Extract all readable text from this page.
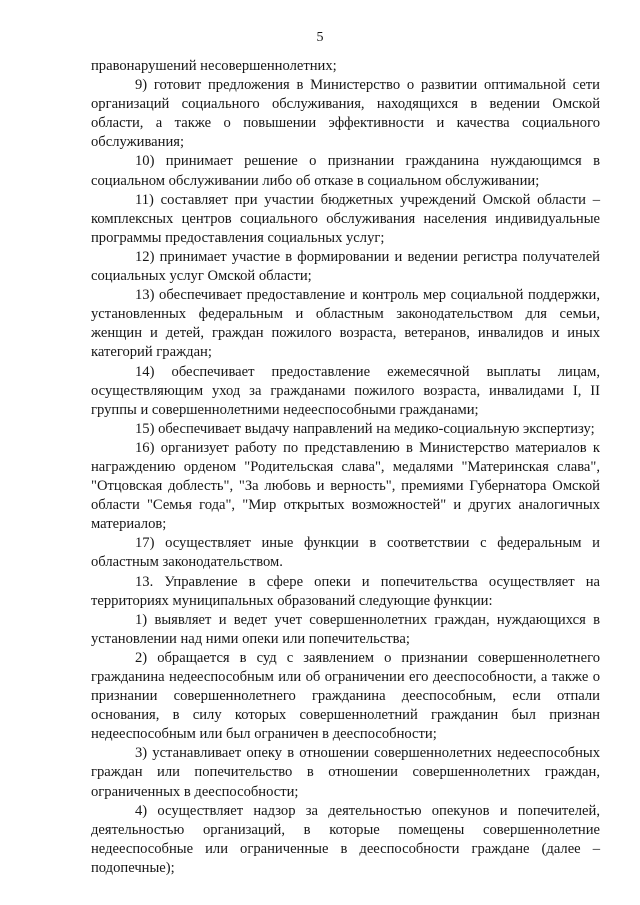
5

правонарушений несовершеннолетних;

9) готовит предложения в Министерство о развитии оптимальной сети организаций социального обслуживания, находящихся в ведении Омской области, а также о повышении эффективности и качества социального обслуживания;

10) принимает решение о признании гражданина нуждающимся в социальном обслуживании либо об отказе в социальном обслуживании;

11) составляет при участии бюджетных учреждений Омской области – комплексных центров социального обслуживания населения индивидуальные программы предоставления социальных услуг;

12) принимает участие в формировании и ведении регистра получателей социальных услуг Омской области;

13) обеспечивает предоставление и контроль мер социальной поддержки, установленных федеральным и областным законодательством для семьи, женщин и детей, граждан пожилого возраста, ветеранов, инвалидов и иных категорий граждан;

14) обеспечивает предоставление ежемесячной выплаты лицам, осуществляющим уход за гражданами пожилого возраста, инвалидами I, II группы и совершеннолетними недееспособными гражданами;

15) обеспечивает выдачу направлений на медико-социальную экспертизу;

16) организует работу по представлению в Министерство материалов к награждению орденом "Родительская слава", медалями "Материнская слава", "Отцовская доблесть", "За любовь и верность", премиями Губернатора Омской области "Семья года", "Мир открытых возможностей" и других аналогичных материалов;

17) осуществляет иные функции в соответствии с федеральным и областным законодательством.

13. Управление в сфере опеки и попечительства осуществляет на территориях муниципальных образований следующие функции:

1) выявляет и ведет учет совершеннолетних граждан, нуждающихся в установлении над ними опеки или попечительства;

2) обращается в суд с заявлением о признании совершеннолетнего гражданина недееспособным или об ограничении его дееспособности, а также о признании совершеннолетнего гражданина дееспособным, если отпали основания, в силу которых совершеннолетний гражданин был признан недееспособным или был ограничен в дееспособности;

3) устанавливает опеку в отношении совершеннолетних недееспособных граждан или попечительство в отношении совершеннолетних граждан, ограниченных в дееспособности;

4) осуществляет надзор за деятельностью опекунов и попечителей, деятельностью организаций, в которые помещены совершеннолетние недееспособные или ограниченные в дееспособности граждане (далее – подопечные);
